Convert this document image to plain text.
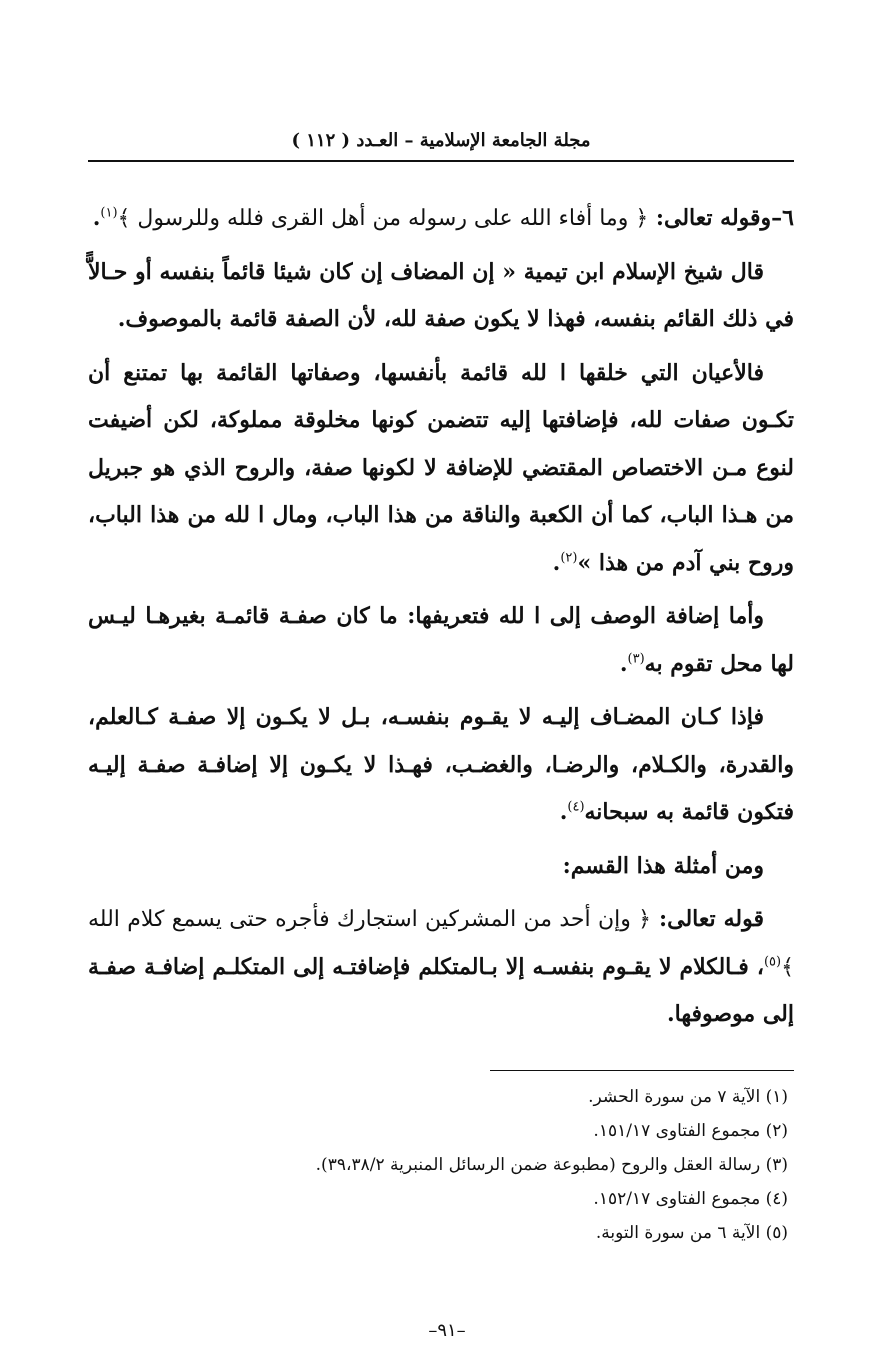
مجلة الجامعة الإسلامية – العـدد ( ١١٢ )

٦–وقوله تعالى: ﴿ وما أفاء الله على رسوله من أهل القرى فلله وللرسول ﴾$^{(١)}$.

قال شيخ الإسلام ابن تيمية « إن المضاف إن كان شيئا قائماً بنفسه أو حـالاًّ في ذلك القائم بنفسه، فهذا لا يكون صفة لله، لأن الصفة قائمة بالموصوف.

فالأعيان التي خلقها ا لله قائمة بأنفسها، وصفاتها القائمة بها تمتنع أن تكـون صفات لله، فإضافتها إليه تتضمن كونها مخلوقة مملوكة، لكن أضيفت لنوع مـن الاختصاص المقتضي للإضافة لا لكونها صفة، والروح الذي هو جبريل من هـذا الباب، كما أن الكعبة والناقة من هذا الباب، ومال ا لله من هذا الباب، وروح بني آدم من هذا »$^{(٢)}$.

وأما إضافة الوصف إلى ا لله فتعريفها: ما كان صفـة قائمـة بغيرهـا ليـس لها محل تقوم به$^{(٣)}$.

فإذا كـان المضـاف إليـه لا يقـوم بنفسـه، بـل لا يكـون إلا صفـة كـالعلم، والقدرة، والكـلام، والرضـا، والغضـب، فهـذا لا يكـون إلا إضافـة صفـة إليـه فتكون قائمة به سبحانه$^{(٤)}$.

ومن أمثلة هذا القسم:

قوله تعالى: ﴿ وإن أحد من المشركين استجارك فأجره حتى يسمع كلام الله ﴾$^{(٥)}$، فـالكلام لا يقـوم بنفسـه إلا بـالمتكلم فإضافتـه إلى المتكلـم إضافـة صفـة إلى موصوفها.

(١) الآية ٧ من سورة الحشر.
(٢) مجموع الفتاوى ١٥١/١٧.
(٣) رسالة العقل والروح (مطبوعة ضمن الرسائل المنبرية ٣٩،٣٨/٢).
(٤) مجموع الفتاوى ١٥٢/١٧.
(٥) الآية ٦ من سورة التوبة.
–٩١–
